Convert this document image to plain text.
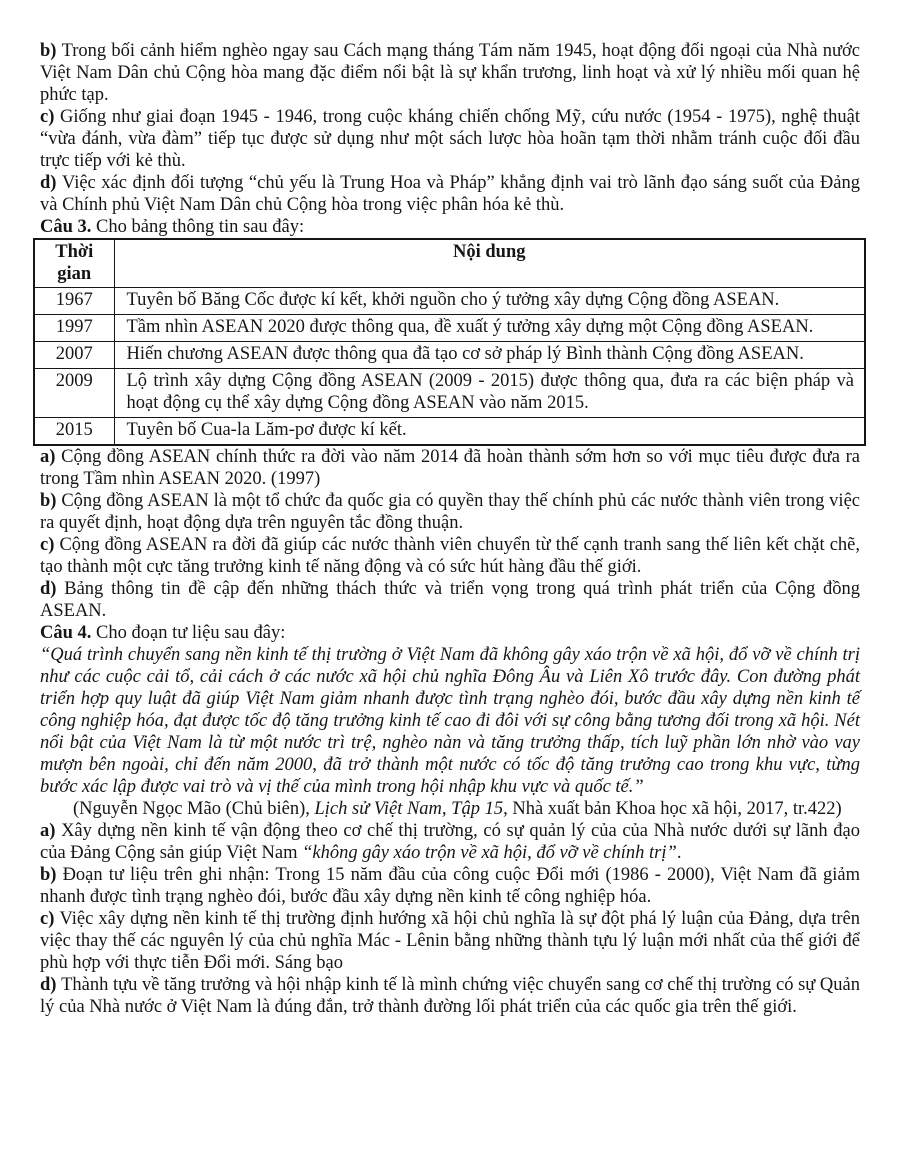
b) Trong bối cảnh hiểm nghèo ngay sau Cách mạng tháng Tám năm 1945, hoạt động đối ngoại của Nhà nước Việt Nam Dân chủ Cộng hòa mang đặc điểm nổi bật là sự khẩn trương, linh hoạt và xử lý nhiều mối quan hệ phức tạp.

c) Giống như giai đoạn 1945 - 1946, trong cuộc kháng chiến chống Mỹ, cứu nước (1954 - 1975), nghệ thuật “vừa đánh, vừa đàm” tiếp tục được sử dụng như một sách lược hòa hoãn tạm thời nhằm tránh cuộc đối đầu trực tiếp với kẻ thù.

d) Việc xác định đối tượng “chủ yếu là Trung Hoa và Pháp” khẳng định vai trò lãnh đạo sáng suốt của Đảng và Chính phủ Việt Nam Dân chủ Cộng hòa trong việc phân hóa kẻ thù.

Câu 3. Cho bảng thông tin sau đây:

Thời gian	Nội dung
1967	Tuyên bố Băng Cốc được kí kết, khởi nguồn cho ý tưởng xây dựng Cộng đồng ASEAN.
1997	Tầm nhìn ASEAN 2020 được thông qua, đề xuất ý tưởng xây dựng một Cộng đồng ASEAN.
2007	Hiến chương ASEAN được thông qua đã tạo cơ sở pháp lý Bình thành Cộng đồng ASEAN.
2009	Lộ trình xây dựng Cộng đồng ASEAN (2009 - 2015) được thông qua, đưa ra các biện pháp và hoạt động cụ thể xây dựng Cộng đồng ASEAN vào năm 2015.
2015	Tuyên bố Cua-la Lăm-pơ được kí kết.

a) Cộng đồng ASEAN chính thức ra đời vào năm 2014 đã hoàn thành sớm hơn so với mục tiêu được đưa ra trong Tầm nhìn ASEAN 2020. (1997)

b) Cộng đồng ASEAN là một tổ chức đa quốc gia có quyền thay thế chính phủ các nước thành viên trong việc ra quyết định, hoạt động dựa trên nguyên tắc đồng thuận.

c) Cộng đồng ASEAN ra đời đã giúp các nước thành viên chuyển từ thế cạnh tranh sang thế liên kết chặt chẽ, tạo thành một cực tăng trưởng kinh tế năng động và có sức hút hàng đầu thế giới.

d) Bảng thông tin đề cập đến những thách thức và triển vọng trong quá trình phát triển của Cộng đồng ASEAN.

Câu 4. Cho đoạn tư liệu sau đây:

“Quá trình chuyển sang nền kinh tế thị trường ở Việt Nam đã không gây xáo trộn về xã hội, đổ vỡ về chính trị như các cuộc cải tổ, cải cách ở các nước xã hội chủ nghĩa Đông Âu và Liên Xô trước đây. Con đường phát triển hợp quy luật đã giúp Việt Nam giảm nhanh được tình trạng nghèo đói, bước đầu xây dựng nền kinh tế công nghiệp hóa, đạt được tốc độ tăng trưởng kinh tế cao đi đôi với sự công bằng tương đối trong xã hội. Nét nổi bật của Việt Nam là từ một nước trì trệ, nghèo nàn và tăng trưởng thấp, tích luỹ phần lớn nhờ vào vay mượn bên ngoài, chỉ đến năm 2000, đã trở thành một nước có tốc độ tăng trưởng cao trong khu vực, từng bước xác lập được vai trò và vị thế của mình trong hội nhập khu vực và quốc tế.”

(Nguyễn Ngọc Mão (Chủ biên), Lịch sử Việt Nam, Tập 15, Nhà xuất bản Khoa học xã hội, 2017, tr.422)

a) Xây dựng nền kinh tế vận động theo cơ chế thị trường, có sự quản lý của của Nhà nước dưới sự lãnh đạo của Đảng Cộng sản giúp Việt Nam “không gây xáo trộn về xã hội, đổ vỡ về chính trị”.

b) Đoạn tư liệu trên ghi nhận: Trong 15 năm đầu của công cuộc Đổi mới (1986 - 2000), Việt Nam đã giảm nhanh được tình trạng nghèo đói, bước đầu xây dựng nền kinh tế công nghiệp hóa.

c) Việc xây dựng nền kinh tế thị trường định hướng xã hội chủ nghĩa là sự đột phá lý luận của Đảng, dựa trên việc thay thế các nguyên lý của chủ nghĩa Mác - Lênin bằng những thành tựu lý luận mới nhất của thế giới để phù hợp với thực tiễn Đổi mới. Sáng bạo

d) Thành tựu về tăng trưởng và hội nhập kinh tế là mình chứng việc chuyển sang cơ chế thị trường có sự Quản lý của Nhà nước ở Việt Nam là đúng đắn, trở thành đường lối phát triển của các quốc gia trên thế giới.
